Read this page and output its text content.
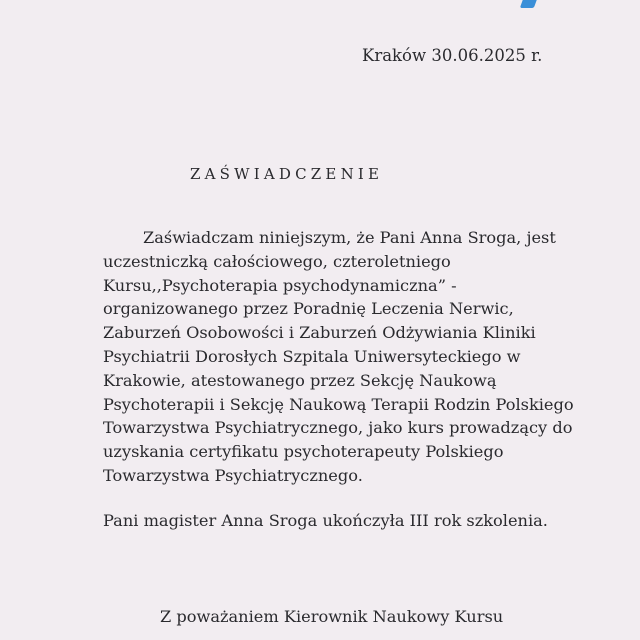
Kraków 30.06.2025 r.
ZAŚWIADCZENIE
Zaświadczam niniejszym, że Pani Anna Sroga, jest
uczestniczką całościowego, czteroletniego
Kursu,,Psychoterapia psychodynamiczna” -
organizowanego przez Poradnię Leczenia Nerwic,
Zaburzeń Osobowości i Zaburzeń Odżywiania Kliniki
Psychiatrii Dorosłych Szpitala Uniwersyteckiego w
Krakowie, atestowanego przez Sekcję Naukową
Psychoterapii i Sekcję Naukową Terapii Rodzin Polskiego
Towarzystwa Psychiatrycznego, jako kurs prowadzący do
uzyskania certyfikatu psychoterapeuty Polskiego
Towarzystwa Psychiatrycznego.
Pani magister Anna Sroga ukończyła III rok szkolenia.
Z poważaniem Kierownik Naukowy Kursu
